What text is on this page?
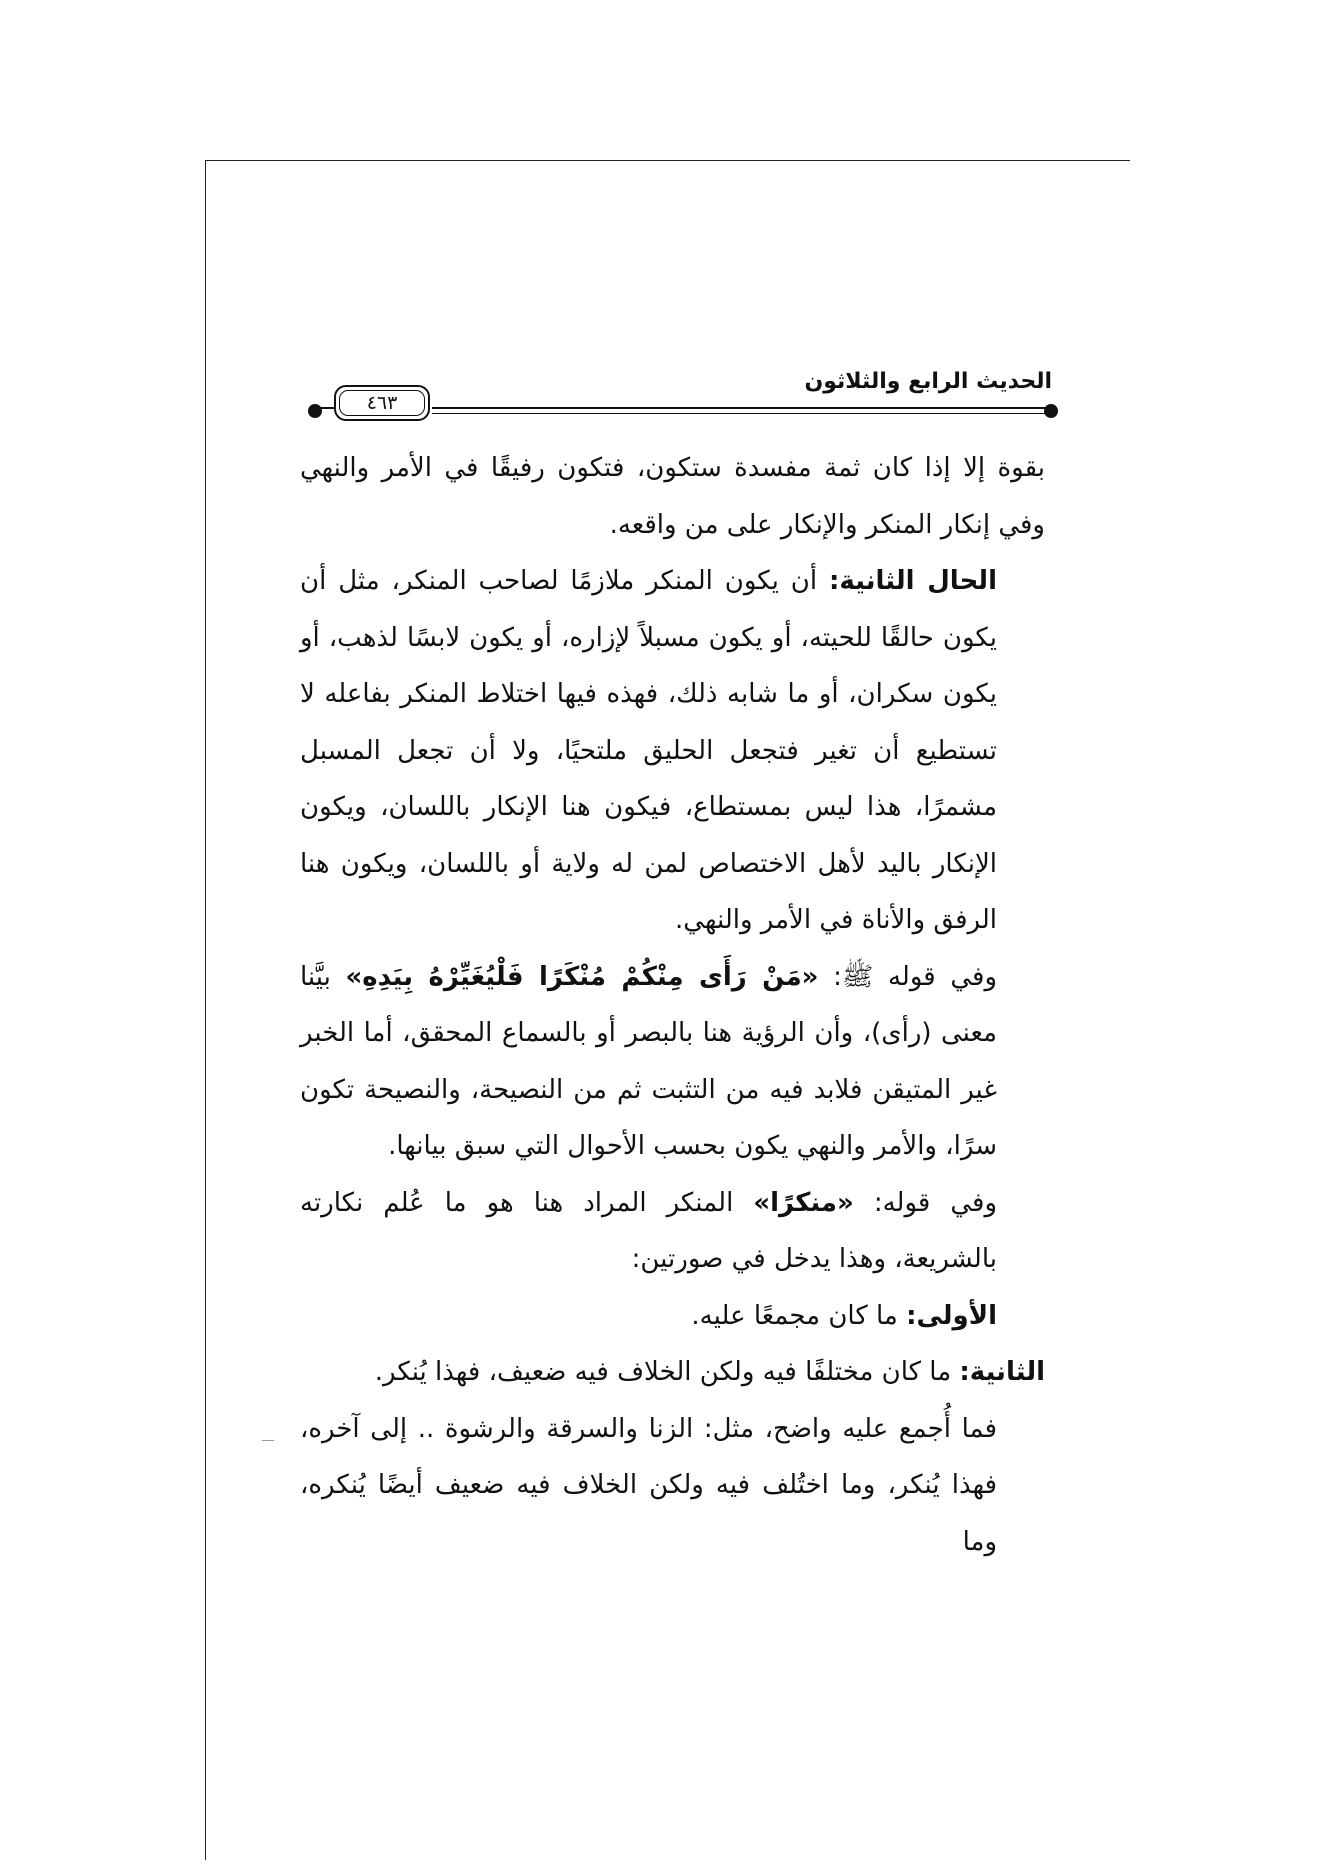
٤٦٣
الحديث الرابع والثلاثون

بقوة إلا إذا كان ثمة مفسدة ستكون، فتكون رفيقًا في الأمر والنهي وفي إنكار المنكر والإنكار على من واقعه.

الحال الثانية: أن يكون المنكر ملازمًا لصاحب المنكر، مثل أن يكون حالقًا للحيته، أو يكون مسبلاً لإزاره، أو يكون لابسًا لذهب، أو يكون سكران، أو ما شابه ذلك، فهذه فيها اختلاط المنكر بفاعله لا تستطيع أن تغير فتجعل الحليق ملتحيًا، ولا أن تجعل المسبل مشمرًا، هذا ليس بمستطاع، فيكون هنا الإنكار باللسان، ويكون الإنكار باليد لأهل الاختصاص لمن له ولاية أو باللسان، ويكون هنا الرفق والأناة في الأمر والنهي.

وفي قوله ﷺ: «مَنْ رَأَى مِنْكُمْ مُنْكَرًا فَلْيُغَيِّرْهُ بِيَدِهِ» بيَّنا معنى (رأى)، وأن الرؤية هنا بالبصر أو بالسماع المحقق، أما الخبر غير المتيقن فلابد فيه من التثبت ثم من النصيحة، والنصيحة تكون سرًا، والأمر والنهي يكون بحسب الأحوال التي سبق بيانها.

وفي قوله: «منكرًا» المنكر المراد هنا هو ما عُلم نكارته بالشريعة، وهذا يدخل في صورتين:

الأولى: ما كان مجمعًا عليه.

الثانية: ما كان مختلفًا فيه ولكن الخلاف فيه ضعيف، فهذا يُنكر.

فما أُجمع عليه واضح، مثل: الزنا والسرقة والرشوة .. إلى آخره، فهذا يُنكر، وما اختُلف فيه ولكن الخلاف فيه ضعيف أيضًا يُنكره، وما
